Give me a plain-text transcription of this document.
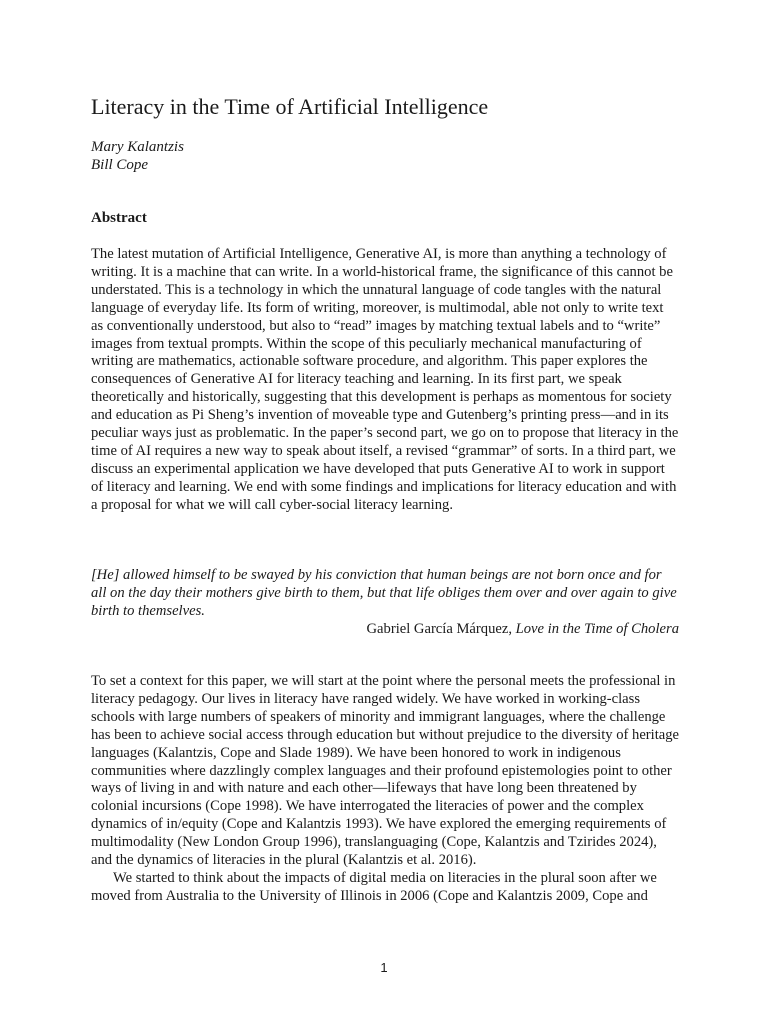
Literacy in the Time of Artificial Intelligence
Mary Kalantzis
Bill Cope
Abstract

The latest mutation of Artificial Intelligence, Generative AI, is more than anything a technology of writing. It is a machine that can write. In a world-historical frame, the significance of this cannot be understated. This is a technology in which the unnatural language of code tangles with the natural language of everyday life. Its form of writing, moreover, is multimodal, able not only to write text as conventionally understood, but also to “read” images by matching textual labels and to “write” images from textual prompts. Within the scope of this peculiarly mechanical manufacturing of writing are mathematics, actionable software procedure, and algorithm. This paper explores the consequences of Generative AI for literacy teaching and learning. In its first part, we speak theoretically and historically, suggesting that this development is perhaps as momentous for society and education as Pi Sheng’s invention of moveable type and Gutenberg’s printing press—and in its peculiar ways just as problematic. In the paper’s second part, we go on to propose that literacy in the time of AI requires a new way to speak about itself, a revised “grammar” of sorts. In a third part, we discuss an experimental application we have developed that puts Generative AI to work in support of literacy and learning. We end with some findings and implications for literacy education and with a proposal for what we will call cyber-social literacy learning.

[He] allowed himself to be swayed by his conviction that human beings are not born once and for all on the day their mothers give birth to them, but that life obliges them over and over again to give birth to themselves.

Gabriel García Márquez, Love in the Time of Cholera

To set a context for this paper, we will start at the point where the personal meets the professional in literacy pedagogy. Our lives in literacy have ranged widely. We have worked in working-class schools with large numbers of speakers of minority and immigrant languages, where the challenge has been to achieve social access through education but without prejudice to the diversity of heritage languages (Kalantzis, Cope and Slade 1989). We have been honored to work in indigenous communities where dazzlingly complex languages and their profound epistemologies point to other ways of living in and with nature and each other—lifeways that have long been threatened by colonial incursions (Cope 1998). We have interrogated the literacies of power and the complex dynamics of in/equity (Cope and Kalantzis 1993). We have explored the emerging requirements of multimodality (New London Group 1996), translanguaging (Cope, Kalantzis and Tzirides 2024), and the dynamics of literacies in the plural (Kalantzis et al. 2016).

We started to think about the impacts of digital media on literacies in the plural soon after we moved from Australia to the University of Illinois in 2006 (Cope and Kalantzis 2009, Cope and

1
